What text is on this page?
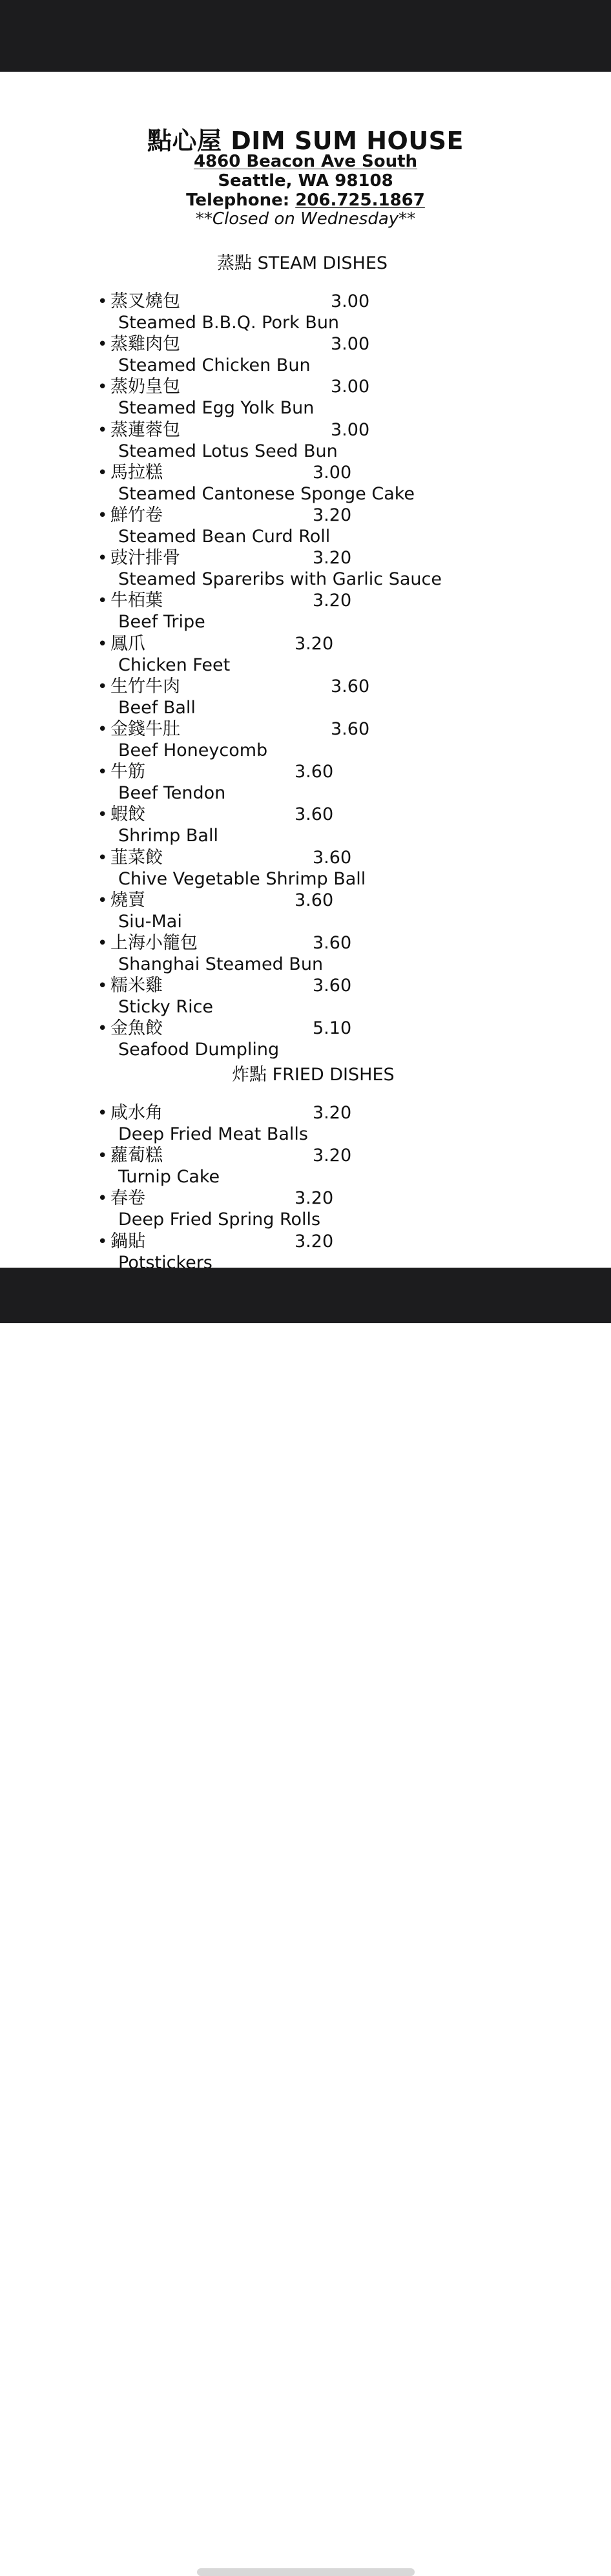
點心屋 DIM SUM HOUSE
4860 Beacon Ave South
Seattle, WA 98108
Telephone: 206.725.1867
**Closed on Wednesday**
蒸點 STEAM DISHES
• 蒸叉燒包	3.00
Steamed B.B.Q. Pork Bun
• 蒸雞肉包	3.00
Steamed Chicken Bun
• 蒸奶皇包	3.00
Steamed Egg Yolk Bun
• 蒸蓮蓉包	3.00
Steamed Lotus Seed Bun
• 馬拉糕	3.00
Steamed Cantonese Sponge Cake
• 鮮竹卷	3.20
Steamed Bean Curd Roll
• 豉汁排骨	3.20
Steamed Spareribs with Garlic Sauce
• 牛栢葉	3.20
Beef Tripe
• 鳳爪	3.20
Chicken Feet
• 生竹牛肉	3.60
Beef Ball
• 金錢牛肚	3.60
Beef Honeycomb
• 牛筋	3.60
Beef Tendon
• 蝦餃	3.60
Shrimp Ball
• 韮菜餃	3.60
Chive Vegetable Shrimp Ball
• 燒賣	3.60
Siu-Mai
• 上海小籠包	3.60
Shanghai Steamed Bun
• 糯米雞	3.60
Sticky Rice
• 金魚餃	5.10
Seafood Dumpling
炸點 FRIED DISHES
• 咸水角	3.20
Deep Fried Meat Balls
• 蘿蔔糕	3.20
Turnip Cake
• 春卷	3.20
Deep Fried Spring Rolls
• 鍋貼	3.20
Potstickers
